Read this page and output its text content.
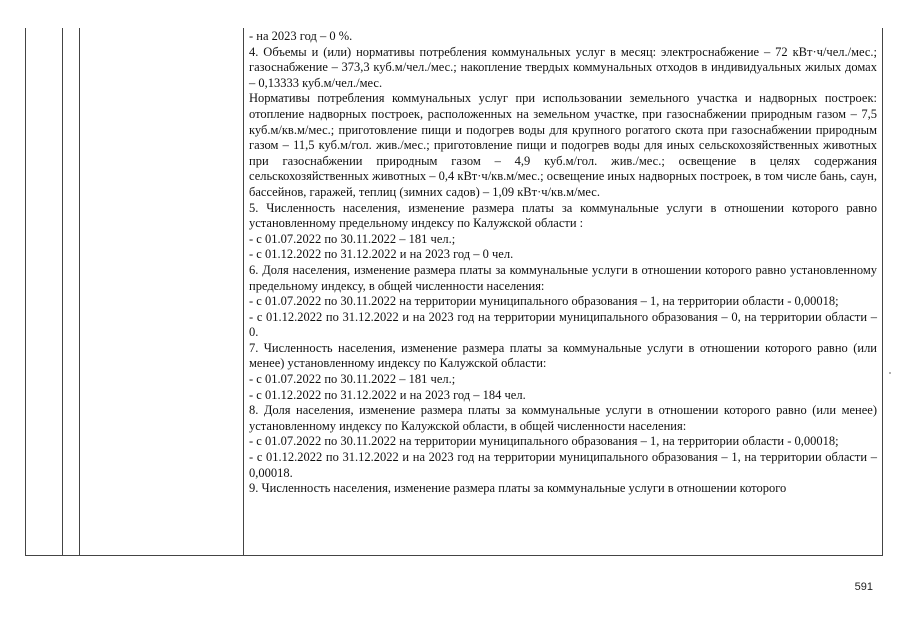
- на 2023 год – 0 %.

4. Объемы и (или) нормативы потребления коммунальных услуг в месяц: электроснабжение – 72 кВт·ч/чел./мес.; газоснабжение – 373,3 куб.м/чел./мес.; накопление твердых коммунальных отходов в индивидуальных жилых домах – 0,13333 куб.м/чел./мес.

Нормативы потребления коммунальных услуг при использовании земельного участка и надворных построек: отопление надворных построек, расположенных на земельном участке, при газоснабжении природным газом – 7,5 куб.м/кв.м/мес.; приготовление пищи и подогрев воды для крупного рогатого скота при газоснабжении природным газом – 11,5 куб.м/гол. жив./мес.; приготовление пищи и подогрев воды для иных сельскохозяйственных животных при газоснабжении природным газом – 4,9 куб.м/гол. жив./мес.; освещение в целях содержания сельскохозяйственных животных – 0,4 кВт·ч/кв.м/мес.; освещение иных надворных построек, в том числе бань, саун, бассейнов, гаражей, теплиц (зимних садов) – 1,09 кВт·ч/кв.м/мес.

5. Численность населения, изменение размера платы за коммунальные услуги в отношении которого равно установленному предельному индексу по Калужской области :

- с 01.07.2022 по 30.11.2022 – 181 чел.;

- с 01.12.2022 по 31.12.2022 и на 2023 год – 0 чел.

6. Доля населения, изменение размера платы за коммунальные услуги в отношении которого равно установленному предельному индексу, в общей численности населения:

- с 01.07.2022 по 30.11.2022 на территории муниципального образования – 1, на территории области - 0,00018;

- с 01.12.2022 по 31.12.2022 и на 2023 год на территории муниципального образования – 0, на территории области – 0.

7. Численность населения, изменение размера платы за коммунальные услуги в отношении которого равно (или менее) установленному индексу по Калужской области:

- с 01.07.2022 по 30.11.2022 – 181 чел.;

- с 01.12.2022 по 31.12.2022 и на 2023 год – 184 чел.

8. Доля населения, изменение размера платы за коммунальные услуги в отношении которого равно (или менее) установленному индексу по Калужской области, в общей численности населения:

- с 01.07.2022 по 30.11.2022 на территории муниципального образования – 1, на территории области - 0,00018;

- с 01.12.2022 по 31.12.2022 и на 2023 год на территории муниципального образования – 1, на территории области – 0,00018.

9. Численность населения, изменение размера платы за коммунальные услуги в отношении которого

591
